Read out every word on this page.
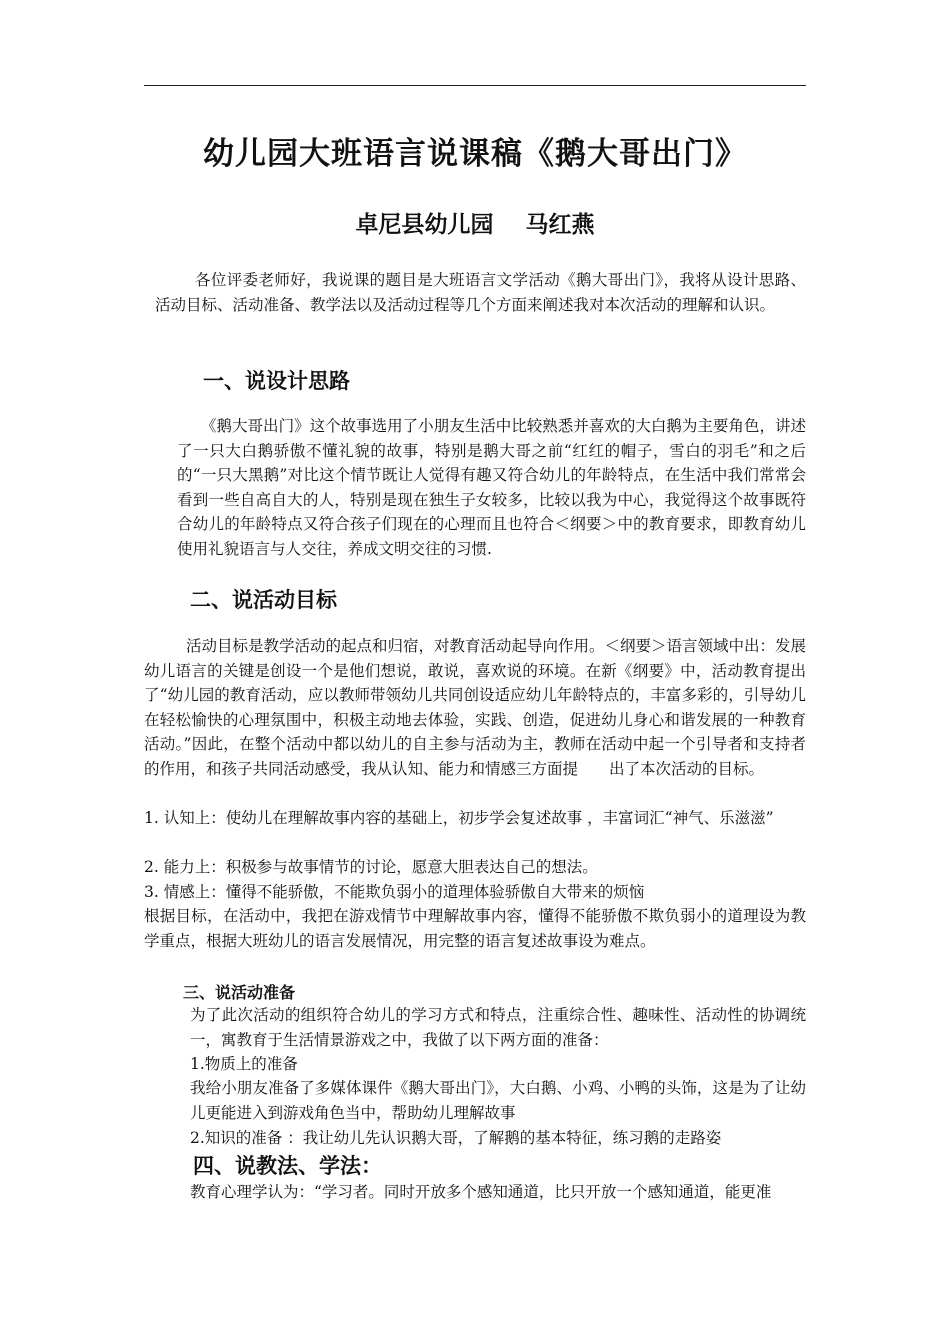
幼儿园大班语言说课稿《鹅大哥出门》
卓尼县幼儿园    马红燕

各位评委老师好，我说课的题目是大班语言文学活动《鹅大哥出门》，我将从设计思路、活动目标、活动准备、教学法以及活动过程等几个方面来阐述我对本次活动的理解和认识。

一、说设计思路

《鹅大哥出门》这个故事选用了小朋友生活中比较熟悉并喜欢的大白鹅为主要角色，讲述了一只大白鹅骄傲不懂礼貌的故事，特别是鹅大哥之前“红红的帽子，雪白的羽毛”和之后的“一只大黑鹅”对比这个情节既让人觉得有趣又符合幼儿的年龄特点，在生活中我们常常会看到一些自高自大的人，特别是现在独生子女较多，比较以我为中心，我觉得这个故事既符合幼儿的年龄特点又符合孩子们现在的心理而且也符合＜纲要＞中的教育要求，即教育幼儿使用礼貌语言与人交往，养成文明交往的习惯.

二、说活动目标

活动目标是教学活动的起点和归宿，对教育活动起导向作用。＜纲要＞语言领域中出：发展幼儿语言的关键是创设一个是他们想说，敢说，喜欢说的环境。在新《纲要》中，活动教育提出了“幼儿园的教育活动，应以教师带领幼儿共同创设适应幼儿年龄特点的，丰富多彩的，引导幼儿在轻松愉快的心理氛围中，积极主动地去体验，实践、创造，促进幼儿身心和谐发展的一种教育活动。”因此，在整个活动中都以幼儿的自主参与活动为主，教师在活动中起一个引导者和支持者的作用，和孩子共同活动感受，我从认知、能力和情感三方面提　　出了本次活动的目标。

1. 认知上：使幼儿在理解故事内容的基础上，初步学会复述故事 ，丰富词汇“神气、乐滋滋”
2. 能力上：积极参与故事情节的讨论，愿意大胆表达自己的想法。
3. 情感上：懂得不能骄傲，不能欺负弱小的道理体验骄傲自大带来的烦恼

根据目标，在活动中，我把在游戏情节中理解故事内容，懂得不能骄傲不欺负弱小的道理设为教学重点，根据大班幼儿的语言发展情况，用完整的语言复述故事设为难点。

三、说活动准备

为了此次活动的组织符合幼儿的学习方式和特点，注重综合性、趣味性、活动性的协调统一，寓教育于生活情景游戏之中，我做了以下两方面的准备：

1.物质上的准备

我给小朋友准备了多媒体课件《鹅大哥出门》，大白鹅、小鸡、小鸭的头饰，这是为了让幼儿更能进入到游戏角色当中，帮助幼儿理解故事

2.知识的准备 ：我让幼儿先认识鹅大哥，了解鹅的基本特征，练习鹅的走路姿
四、说教法、学法：
教育心理学认为：“学习者。同时开放多个感知通道，比只开放一个感知通道，能更准
